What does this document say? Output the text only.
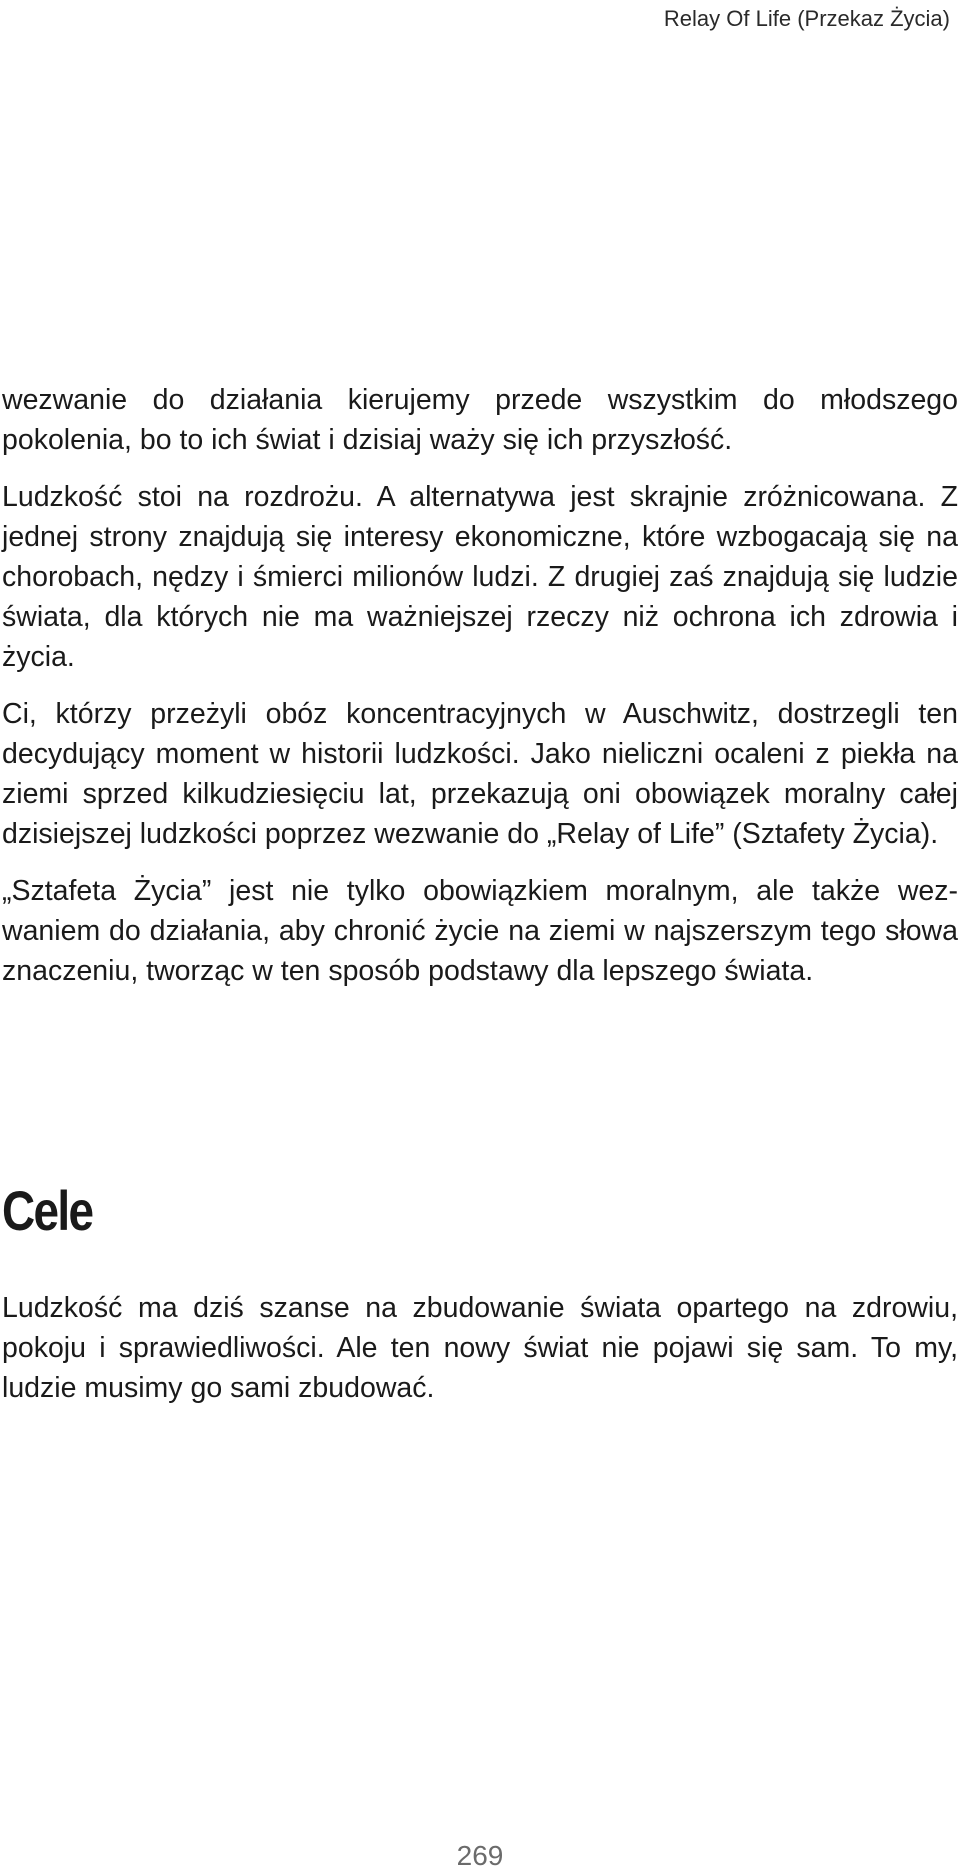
Relay Of Life (Przekaz Życia)

wezwanie do działania kierujemy przede wszystkim do młodszego pokolenia, bo to ich świat i dzisiaj waży się ich przyszłość.

Ludzkość stoi na rozdrożu. A alternatywa jest skrajnie zróżnicowana. Z jednej strony znajdują się interesy ekonomiczne, które wzbogacają się na chorobach, nędzy i śmierci milionów ludzi. Z drugiej zaś znajdują się ludzie świata, dla których nie ma ważniejszej rzeczy niż ochrona ich zdrowia i życia.

Ci, którzy przeżyli obóz koncentracyjnych w Auschwitz, dostrzegli ten decydujący moment w historii ludzkości. Jako nieliczni ocaleni z piekła na ziemi sprzed kilkudziesięciu lat, przekazują oni obowiązek moralny całej dzisiejszej ludzkości poprzez wezwanie do „Relay of Life” (Sztafety Życia).

„Sztafeta Życia” jest nie tylko obowiązkiem moralnym, ale także wezwaniem do działania, aby chronić życie na ziemi w najszerszym tego słowa znaczeniu, tworząc w ten sposób podstawy dla lepszego świata.

Cele

Ludzkość ma dziś szanse na zbudowanie świata opartego na zdrowiu, pokoju i sprawiedliwości. Ale ten nowy świat nie pojawi się sam. To my, ludzie musimy go sami zbudować.

269
